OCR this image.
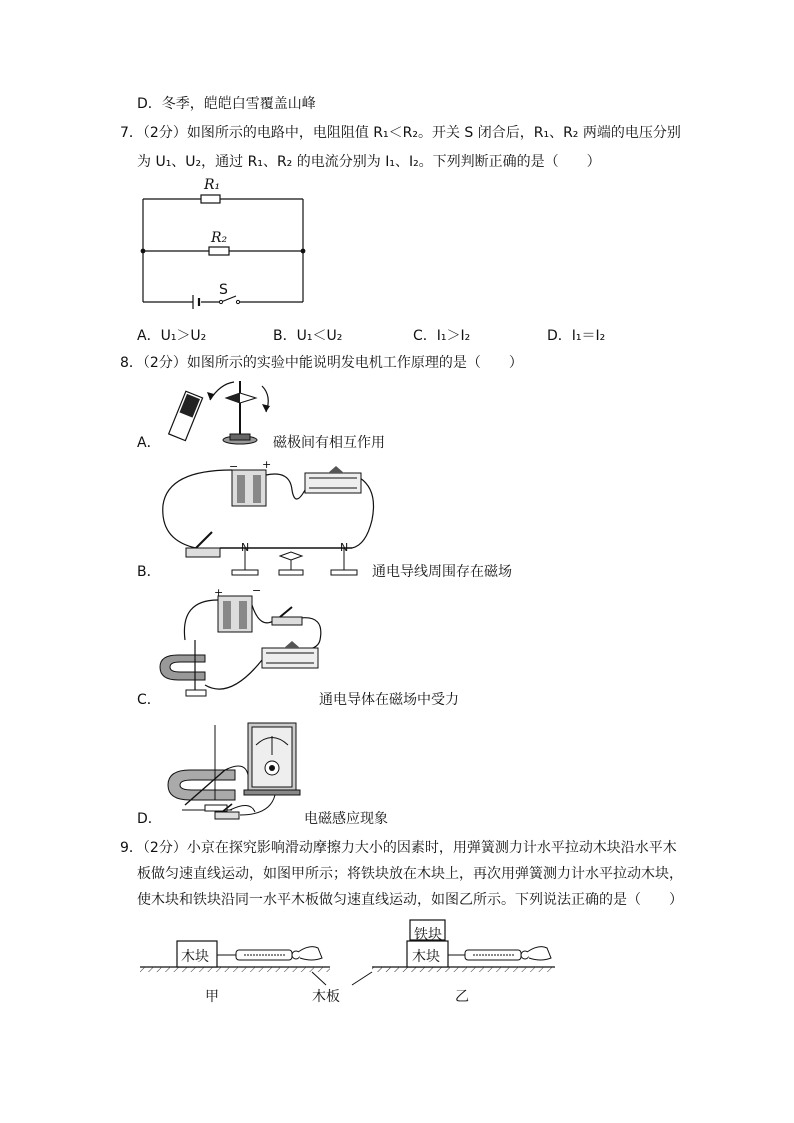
D．冬季，皑皑白雪覆盖山峰
7．（2分）如图所示的电路中，电阻阻值 R₁＜R₂。开关 S 闭合后，R₁、R₂ 两端的电压分别
为 U₁、U₂，通过 R₁、R₂ 的电流分别为 I₁、I₂。下列判断正确的是（　　）
R₁
R₂
S
A．U₁＞U₂	B．U₁＜U₂	C．I₁＞I₂	D．I₁＝I₂
8．（2分）如图所示的实验中能说明发电机工作原理的是（　　）
A．	磁极间有相互作用
− +
N	N
B．	通电导线周围存在磁场
+	−
C．	通电导体在磁场中受力
D．	电磁感应现象
9．（2分）小京在探究影响滑动摩擦力大小的因素时，用弹簧测力计水平拉动木块沿水平木
板做匀速直线运动，如图甲所示；将铁块放在木块上，再次用弹簧测力计水平拉动木块，
使木块和铁块沿同一水平木板做匀速直线运动，如图乙所示。下列说法正确的是（　　）
木块
铁块
木块
木板
甲	乙
